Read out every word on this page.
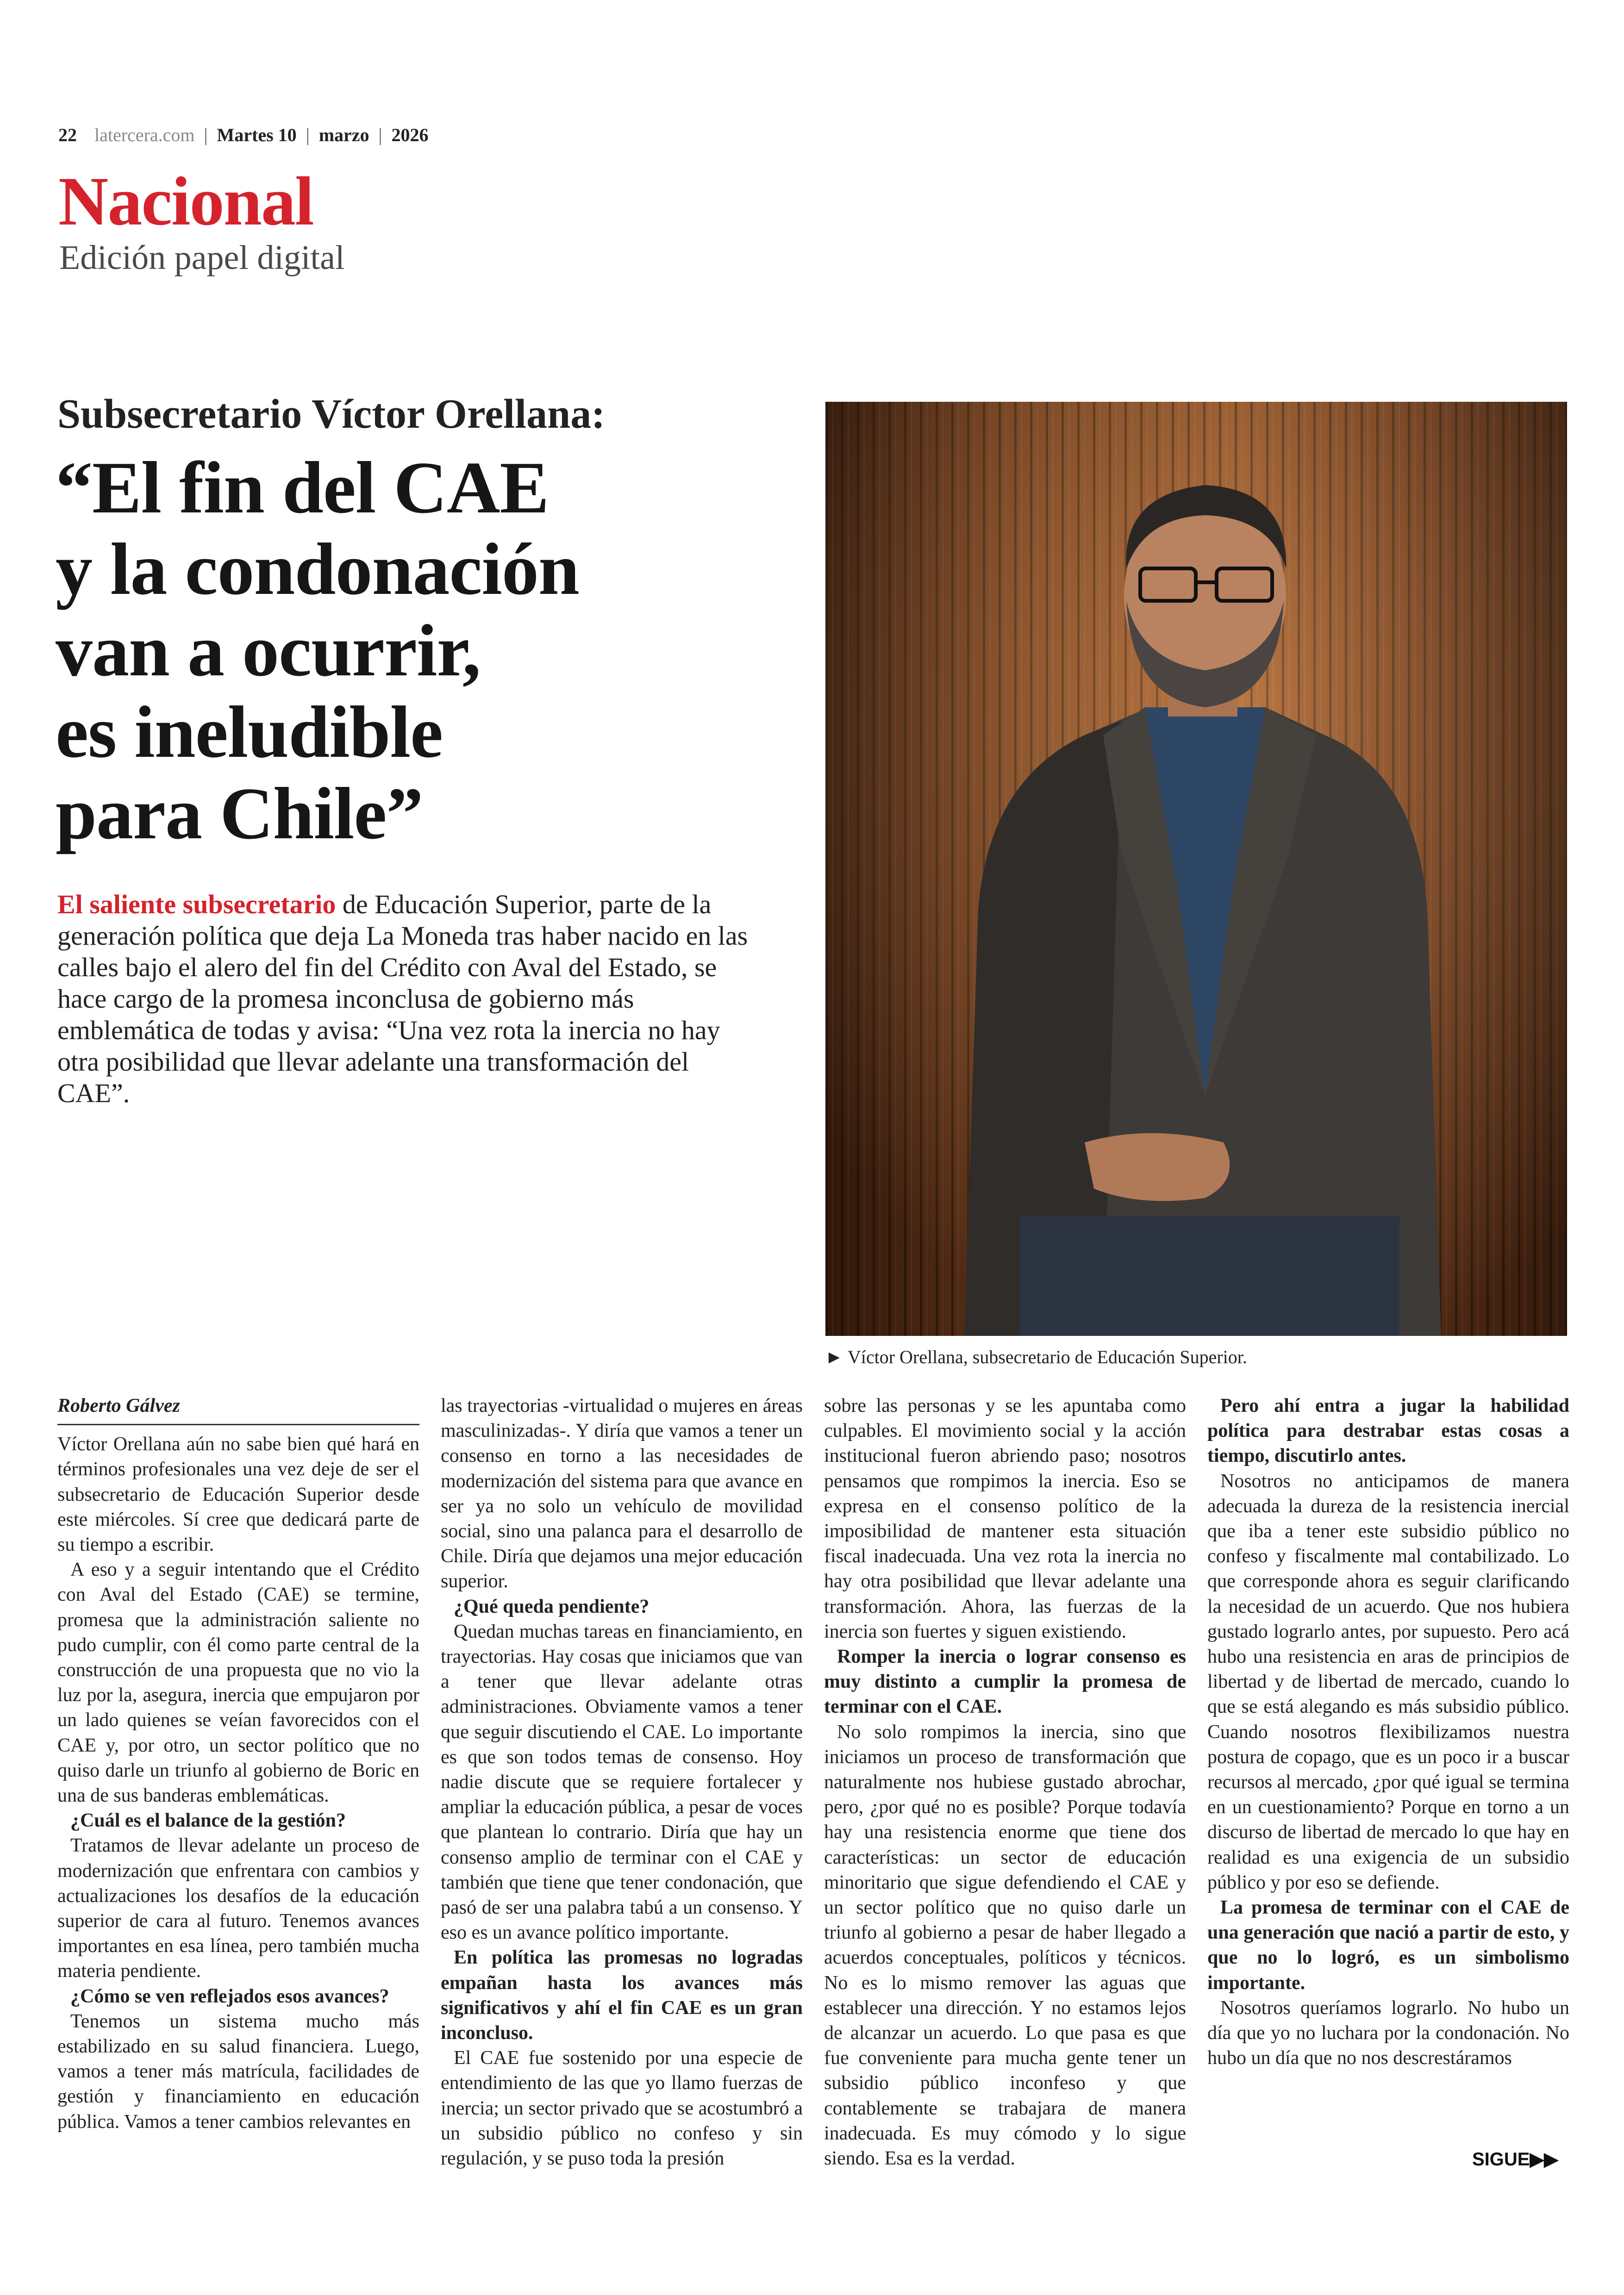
22 latercera.com | Martes 10 | marzo | 2026
Nacional
Edición papel digital
Subsecretario Víctor Orellana:
“El fin del CAE
y la condonación
van a ocurrir,
es ineludible
para Chile”
El saliente subsecretario de Educación Superior, parte de la generación política que deja La Moneda tras haber nacido en las calles bajo el alero del fin del Crédito con Aval del Estado, se hace cargo de la promesa inconclusa de gobierno más emblemática de todas y avisa: “Una vez rota la inercia no hay otra posibilidad que llevar adelante una transformación del CAE”.
► Víctor Orellana, subsecretario de Educación Superior.
Roberto Gálvez

Víctor Orellana aún no sabe bien qué hará en términos profesionales una vez deje de ser el subsecretario de Educación Superior desde este miércoles. Sí cree que dedicará parte de su tiempo a escribir.

A eso y a seguir intentando que el Crédito con Aval del Estado (CAE) se termine, promesa que la administración saliente no pudo cumplir, con él como parte central de la construcción de una propuesta que no vio la luz por la, asegura, inercia que empujaron por un lado quienes se veían favorecidos con el CAE y, por otro, un sector político que no quiso darle un triunfo al gobierno de Boric en una de sus banderas emblemáticas.

¿Cuál es el balance de la gestión?

Tratamos de llevar adelante un proceso de modernización que enfrentara con cambios y actualizaciones los desafíos de la educación superior de cara al futuro. Tenemos avances importantes en esa línea, pero también mucha materia pendiente.

¿Cómo se ven reflejados esos avances?

Tenemos un sistema mucho más estabilizado en su salud financiera. Luego, vamos a tener más matrícula, facilidades de gestión y financiamiento en educación pública. Vamos a tener cambios relevantes en

las trayectorias -virtualidad o mujeres en áreas masculinizadas-. Y diría que vamos a tener un consenso en torno a las necesidades de modernización del sistema para que avance en ser ya no solo un vehículo de movilidad social, sino una palanca para el desarrollo de Chile. Diría que dejamos una mejor educación superior.

¿Qué queda pendiente?

Quedan muchas tareas en financiamiento, en trayectorias. Hay cosas que iniciamos que van a tener que llevar adelante otras administraciones. Obviamente vamos a tener que seguir discutiendo el CAE. Lo importante es que son todos temas de consenso. Hoy nadie discute que se requiere fortalecer y ampliar la educación pública, a pesar de voces que plantean lo contrario. Diría que hay un consenso amplio de terminar con el CAE y también que tiene que tener condonación, que pasó de ser una palabra tabú a un consenso. Y eso es un avance político importante.

En política las promesas no logradas empañan hasta los avances más significativos y ahí el fin CAE es un gran inconcluso.

El CAE fue sostenido por una especie de entendimiento de las que yo llamo fuerzas de inercia; un sector privado que se acostumbró a un subsidio público no confeso y sin regulación, y se puso toda la presión

sobre las personas y se les apuntaba como culpables. El movimiento social y la acción institucional fueron abriendo paso; nosotros pensamos que rompimos la inercia. Eso se expresa en el consenso político de la imposibilidad de mantener esta situación fiscal inadecuada. Una vez rota la inercia no hay otra posibilidad que llevar adelante una transformación. Ahora, las fuerzas de la inercia son fuertes y siguen existiendo.

Romper la inercia o lograr consenso es muy distinto a cumplir la promesa de terminar con el CAE.

No solo rompimos la inercia, sino que iniciamos un proceso de transformación que naturalmente nos hubiese gustado abrochar, pero, ¿por qué no es posible? Porque todavía hay una resistencia enorme que tiene dos características: un sector de educación minoritario que sigue defendiendo el CAE y un sector político que no quiso darle un triunfo al gobierno a pesar de haber llegado a acuerdos conceptuales, políticos y técnicos. No es lo mismo remover las aguas que establecer una dirección. Y no estamos lejos de alcanzar un acuerdo. Lo que pasa es que fue conveniente para mucha gente tener un subsidio público inconfeso y que contablemente se trabajara de manera inadecuada. Es muy cómodo y lo sigue siendo. Esa es la verdad.

Pero ahí entra a jugar la habilidad política para destrabar estas cosas a tiempo, discutirlo antes.

Nosotros no anticipamos de manera adecuada la dureza de la resistencia inercial que iba a tener este subsidio público no confeso y fiscalmente mal contabilizado. Lo que corresponde ahora es seguir clarificando la necesidad de un acuerdo. Que nos hubiera gustado lograrlo antes, por supuesto. Pero acá hubo una resistencia en aras de principios de libertad y de libertad de mercado, cuando lo que se está alegando es más subsidio público. Cuando nosotros flexibilizamos nuestra postura de copago, que es un poco ir a buscar recursos al mercado, ¿por qué igual se termina en un cuestionamiento? Porque en torno a un discurso de libertad de mercado lo que hay en realidad es una exigencia de un subsidio público y por eso se defiende.

La promesa de terminar con el CAE de una generación que nació a partir de esto, y que no lo logró, es un simbolismo importante.

Nosotros queríamos lograrlo. No hubo un día que yo no luchara por la condonación. No hubo un día que no nos descrestáramos

SIGUE▶▶
